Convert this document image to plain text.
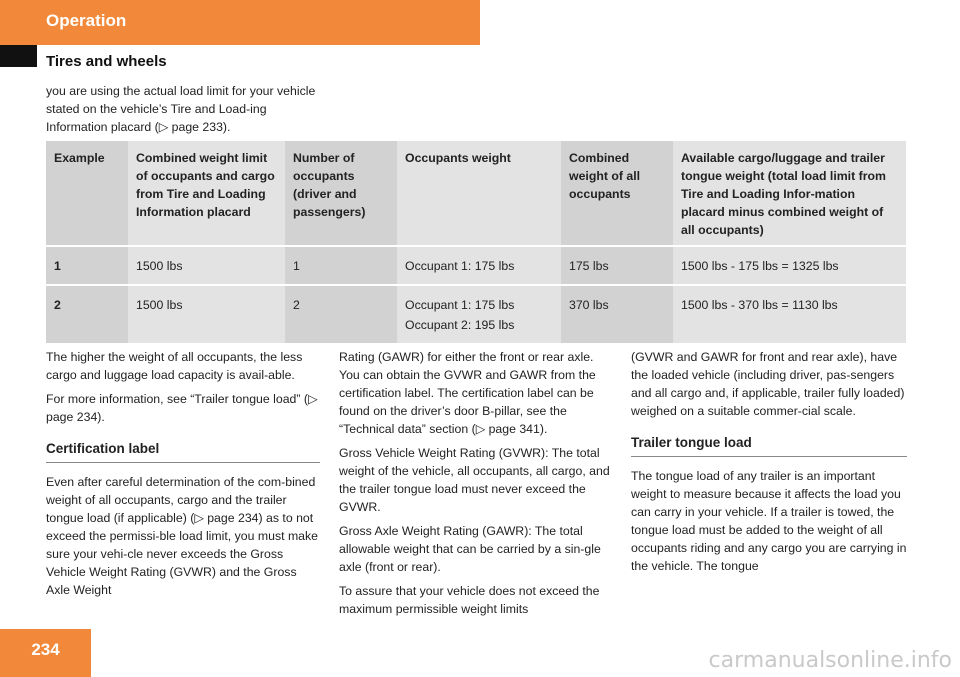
Operation
Tires and wheels
you are using the actual load limit for your vehicle stated on the vehicle’s Tire and Load-ing Information placard (▷ page 233).
Example	Combined weight limit of occupants and cargo from Tire and Loading Information placard	Number of occupants (driver and passengers)	Occupants weight	Combined weight of all occupants	Available cargo/luggage and trailer tongue weight (total load limit from Tire and Loading Infor-mation placard minus combined weight of all occupants)
1	1500 lbs	1	Occupant 1: 175 lbs	175 lbs	1500 lbs - 175 lbs = 1325 lbs
2	1500 lbs	2	Occupant 1: 175 lbs
Occupant 2: 195 lbs	370 lbs	1500 lbs - 370 lbs = 1130 lbs

The higher the weight of all occupants, the less cargo and luggage load capacity is avail-able.

For more information, see “Trailer tongue load” (▷ page 234).

Certification label

Even after careful determination of the com-bined weight of all occupants, cargo and the trailer tongue load (if applicable) (▷ page 234) as to not exceed the permissi-ble load limit, you must make sure your vehi-cle never exceeds the Gross Vehicle Weight Rating (GVWR) and the Gross Axle Weight

Rating (GAWR) for either the front or rear axle. You can obtain the GVWR and GAWR from the certification label. The certification label can be found on the driver’s door B-pillar, see the “Technical data” section (▷ page 341).

Gross Vehicle Weight Rating (GVWR): The total weight of the vehicle, all occupants, all cargo, and the trailer tongue load must never exceed the GVWR.

Gross Axle Weight Rating (GAWR): The total allowable weight that can be carried by a sin-gle axle (front or rear).

To assure that your vehicle does not exceed the maximum permissible weight limits

(GVWR and GAWR for front and rear axle), have the loaded vehicle (including driver, pas-sengers and all cargo and, if applicable, trailer fully loaded) weighed on a suitable commer-cial scale.

Trailer tongue load

The tongue load of any trailer is an important weight to measure because it affects the load you can carry in your vehicle. If a trailer is towed, the tongue load must be added to the weight of all occupants riding and any cargo you are carrying in the vehicle. The tongue

234	carmanualsonline.info
